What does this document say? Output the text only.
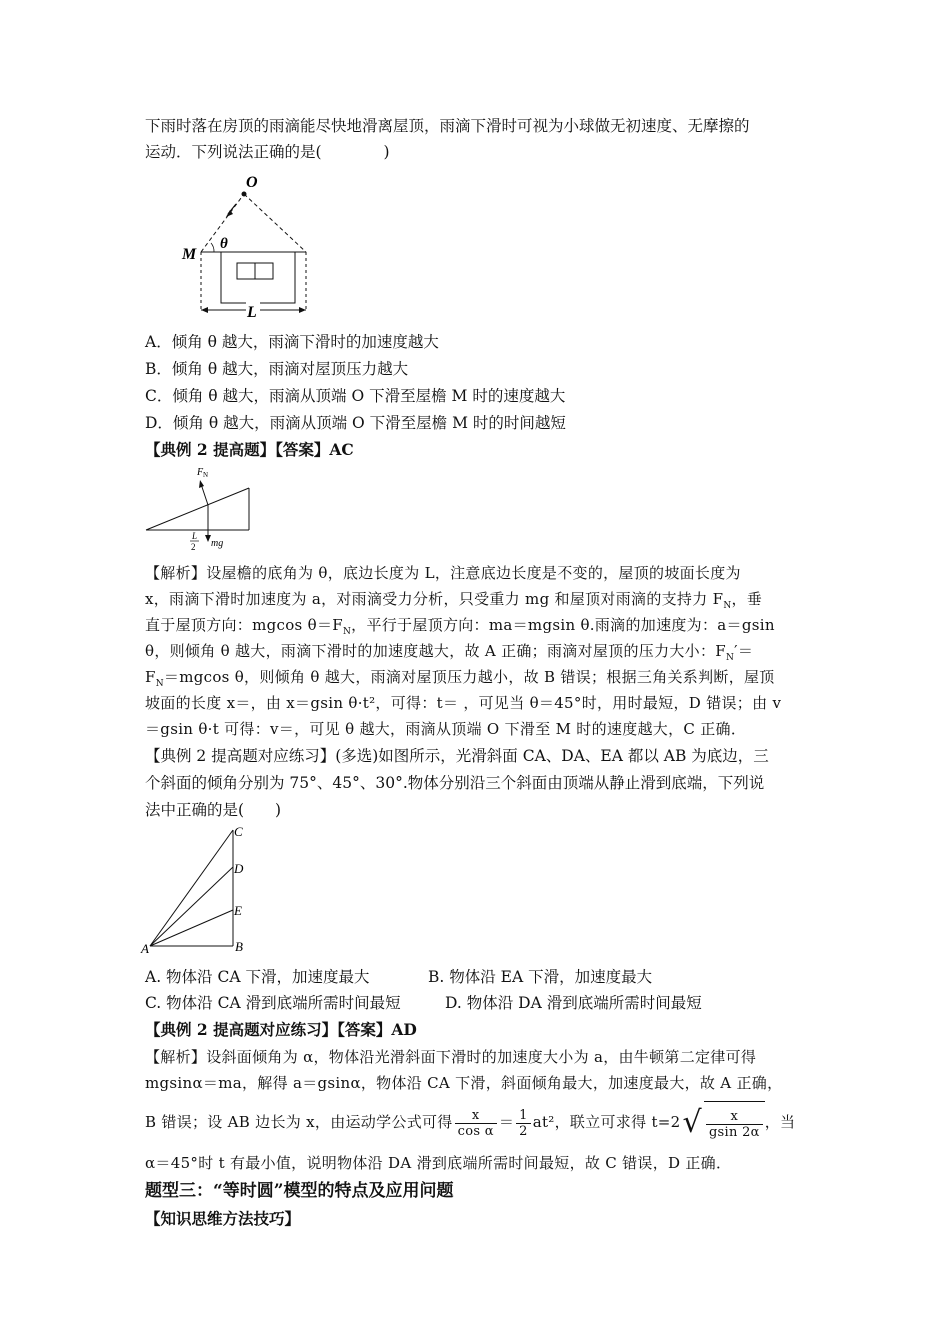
下雨时落在房顶的雨滴能尽快地滑离屋顶，雨滴下滑时可视为小球做无初速度、无摩擦的
运动．下列说法正确的是(　　　　)
L
O
M
θ
A．倾角 θ 越大，雨滴下滑时的加速度越大
B．倾角 θ 越大，雨滴对屋顶压力越大
C．倾角 θ 越大，雨滴从顶端 O 下滑至屋檐 M 时的速度越大
D．倾角 θ 越大，雨滴从顶端 O 下滑至屋檐 M 时的时间越短
【典例 2 提高题】【答案】AC
F N
L
2 mg
【解析】设屋檐的底角为 θ，底边长度为 L，注意底边长度是不变的，屋顶的坡面长度为
x，雨滴下滑时加速度为 a，对雨滴受力分析，只受重力 mg 和屋顶对雨滴的支持力 $F_N$，垂
直于屋顶方向：mgcos $\theta=F_N$，平行于屋顶方向：ma＝mgsin θ.雨滴的加速度为：a＝gsin
θ，则倾角 θ 越大，雨滴下滑时的加速度越大，故 A 正确；雨滴对屋顶的压力大小：$F_N'=$
$F_N=mgcos$ θ，则倾角 θ 越大，雨滴对屋顶压力越小，故 B 错误；根据三角关系判断，屋顶
坡面的长度 x＝，由 x＝gsin θ·t²，可得：t＝ ，可见当 θ＝45°时，用时最短，D 错误；由 v
＝gsin θ·t 可得：v＝，可见 θ 越大，雨滴从顶端 O 下滑至 M 时的速度越大，C 正确．
【典例 2 提高题对应练习】(多选)如图所示，光滑斜面 CA、DA、EA 都以 AB 为底边，三
个斜面的倾角分别为 75°、45°、30°.物体分别沿三个斜面由顶端从静止滑到底端，下列说
法中正确的是(　　)
C
D
E
B
A
A. 物体沿 CA 下滑，加速度最大	B. 物体沿 EA 下滑，加速度最大
C. 物体沿 CA 滑到底端所需时间最短	D. 物体沿 DA 滑到底端所需时间最短
【典例 2 提高题对应练习】【答案】AD
【解析】设斜面倾角为 α，物体沿光滑斜面下滑时的加速度大小为 a，由牛顿第二定律可得
mgsinα＝ma，解得 a＝gsinα，物体沿 CA 下滑，斜面倾角最大，加速度最大，故 A 正确，
B 错误；设 AB 边长为 x，由运动学公式可得 $\frac{x}{\text{cos α}} = \frac{1}{2} at^2$，联立可求得 $t=2√ \frac{x}{gsin 2\alpha}$ ，当
α＝45°时 t 有最小值，说明物体沿 DA 滑到底端所需时间最短，故 C 错误，D 正确．
题型三：“等时圆”模型的特点及应用问题
【知识思维方法技巧】
